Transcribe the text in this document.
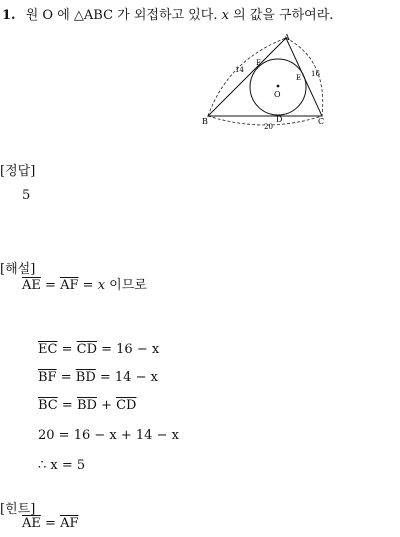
1. 원 O 에 △ABC 가 외접하고 있다. x 의 값을 구하여라.
A
B	C
D
E
F
O
14	16
20
[정답]
5
[해설]
$\overline{AE} = \overline{AF} = x$ 이므로
$\overline{EC} = \overline{CD} = 16 - x$
$\overline{BF} = \overline{BD} = 14 - x$
$\overline{BC} = \overline{BD} + \overline{CD}$
20 = 16 − x + 14 − x
∴ x = 5
[힌트]
$\overline{AE} = \overline{AF}$
